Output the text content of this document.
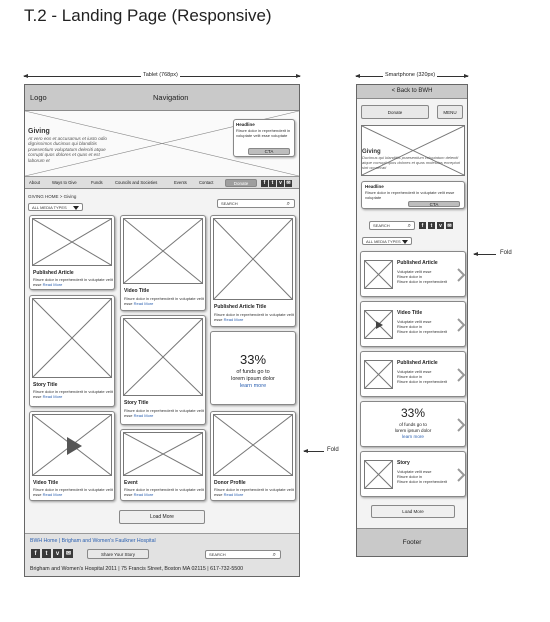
T.2 - Landing Page (Responsive)
Tablet (768px)	Smartphone (320px)
Logo	Navigation
Giving
At vero eos et accusamus et iusto odio dignissimos ducimus qui blanditiis praesentium voluptatum deleniti atque corrupti quos dolores et quas et est laborum et
Headline
Rirure dolor in reprehenderit in voluptate velit esse voluptate
CTA
About	Ways to Give	Funds	Councils and Societies	Events	Contact	Donate	f	t	v ✉
GIVING HOME > Giving
ALL MEDIA TYPES
SEARCH	⌕
Published Article
Rirure dolor in reprehenderit in voluptate velit esse Read More
Story Title
Rirure dolor in reprehenderit in voluptate velit esse Read More
Video Title
Rirure dolor in reprehenderit in voluptate velit esse Read More
Video Title
Rirure dolor in reprehenderit in voluptate velit esse Read More
Story Title
Rirure dolor in reprehenderit in voluptate velit esse Read More
Event
Rirure dolor in reprehenderit in voluptate velit esse Read More
Published Article Title
Rirure dolor in reprehenderit in voluptate velit esse Read More
33%
of funds go to
lorem ipsum dolor
learn more
Donor Profile
Rirure dolor in reprehenderit in voluptate velit esse Read More
Load More
BWH Home | Brigham and Women's Faulkner Hospital
f	t	v	✉	Share Your Story	SEARCH	⌕
Brigham and Women's Hospital 2011 | 75 Francis Street, Boston MA 02115 | 617-732-5500
Fold
< Back to BWH
Donate	MENU
Giving
Ducimus qui blanditiis praesentium voluptatum deleniti atque corrupti quos dolores et quas molestias excepturi sint occaecati
Headline
Rirure dolor in reprehenderit in voluptate velit esse voluptate
CTA
SEARCH	⌕	f	t	v	✉
ALL MEDIA TYPES
Published Article
Voluptate velit esse
Rirure dolor in
Rirure dolor in reprehenderit
Video Title
Voluptate velit esse
Rirure dolor in
Rirure dolor in reprehenderit
Published Article
Voluptate velit esse
Rirure dolor in
Rirure dolor in reprehenderit
33%
of funds go to
lorem ipsum dolor
learn more
Story
Voluptate velit esse
Rirure dolor in
Rirure dolor in reprehenderit
Load More
Footer
Fold
